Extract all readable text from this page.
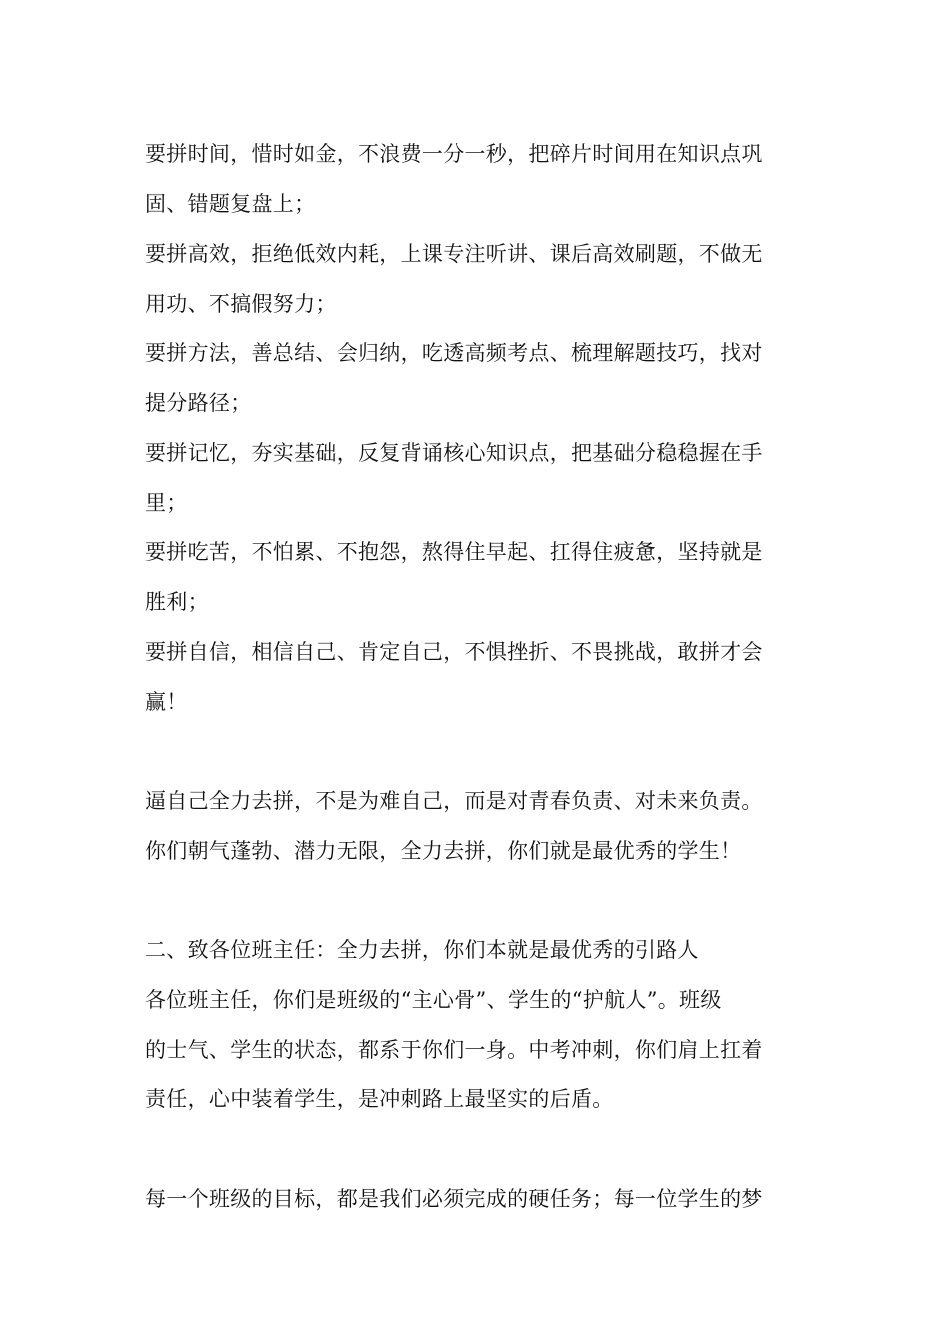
要拼时间，惜时如金，不浪费一分一秒，把碎片时间用在知识点巩

固、错题复盘上；

要拼高效，拒绝低效内耗，上课专注听讲、课后高效刷题，不做无

用功、不搞假努力；

要拼方法，善总结、会归纳，吃透高频考点、梳理解题技巧，找对

提分路径；

要拼记忆，夯实基础，反复背诵核心知识点，把基础分稳稳握在手

里；

要拼吃苦，不怕累、不抱怨，熬得住早起、扛得住疲惫，坚持就是

胜利；

要拼自信，相信自己、肯定自己，不惧挫折、不畏挑战，敢拼才会

赢！

逼自己全力去拼，不是为难自己，而是对青春负责、对未来负责。

你们朝气蓬勃、潜力无限，全力去拼，你们就是最优秀的学生！

二、致各位班主任：全力去拼，你们本就是最优秀的引路人

各位班主任，你们是班级的“主心骨”、学生的“护航人”。班级

的士气、学生的状态，都系于你们一身。中考冲刺，你们肩上扛着

责任，心中装着学生，是冲刺路上最坚实的后盾。

每一个班级的目标，都是我们必须完成的硬任务；每一位学生的梦
